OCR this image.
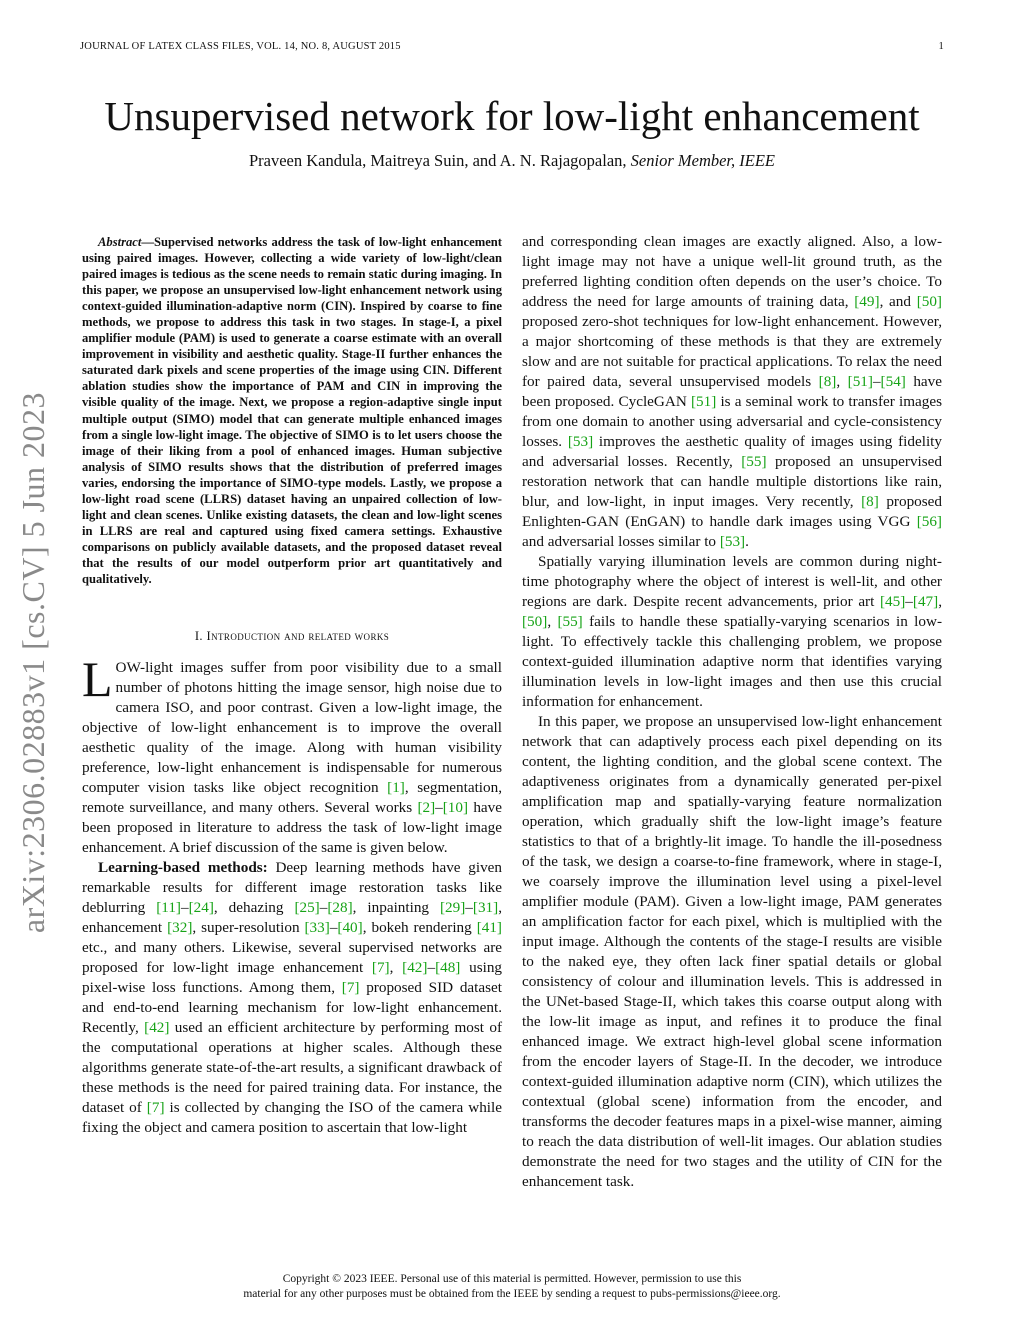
JOURNAL OF LATEX CLASS FILES, VOL. 14, NO. 8, AUGUST 2015	1
Unsupervised network for low-light enhancement
Praveen Kandula, Maitreya Suin, and A. N. Rajagopalan, Senior Member, IEEE
arXiv:2306.02883v1 [cs.CV] 5 Jun 2023

Abstract—Supervised networks address the task of low-light enhancement using paired images. However, collecting a wide variety of low-light/clean paired images is tedious as the scene needs to remain static during imaging. In this paper, we propose an unsupervised low-light enhancement network using context-guided illumination-adaptive norm (CIN). Inspired by coarse to fine methods, we propose to address this task in two stages. In stage-I, a pixel amplifier module (PAM) is used to generate a coarse estimate with an overall improvement in visibility and aesthetic quality. Stage-II further enhances the saturated dark pixels and scene properties of the image using CIN. Different ablation studies show the importance of PAM and CIN in improving the visible quality of the image. Next, we propose a region-adaptive single input multiple output (SIMO) model that can generate multiple enhanced images from a single low-light image. The objective of SIMO is to let users choose the image of their liking from a pool of enhanced images. Human subjective analysis of SIMO results shows that the distribution of preferred images varies, endorsing the importance of SIMO-type models. Lastly, we propose a low-light road scene (LLRS) dataset having an unpaired collection of low-light and clean scenes. Unlike existing datasets, the clean and low-light scenes in LLRS are real and captured using fixed camera settings. Exhaustive comparisons on publicly available datasets, and the proposed dataset reveal that the results of our model outperform prior art quantitatively and qualitatively.

I. Introduction and related works

LOW-light images suffer from poor visibility due to a small number of photons hitting the image sensor, high noise due to camera ISO, and poor contrast. Given a low-light image, the objective of low-light enhancement is to improve the overall aesthetic quality of the image. Along with human visibility preference, low-light enhancement is indispensable for numerous computer vision tasks like object recognition [1], segmentation, remote surveillance, and many others. Several works [2]–[10] have been proposed in literature to address the task of low-light image enhancement. A brief discussion of the same is given below.

Learning-based methods: Deep learning methods have given remarkable results for different image restoration tasks like deblurring [11]–[24], dehazing [25]–[28], inpainting [29]–[31], enhancement [32], super-resolution [33]–[40], bokeh rendering [41] etc., and many others. Likewise, several supervised networks are proposed for low-light image enhancement [7], [42]–[48] using pixel-wise loss functions. Among them, [7] proposed SID dataset and end-to-end learning mechanism for low-light enhancement. Recently, [42] used an efficient architecture by performing most of the computational operations at higher scales. Although these algorithms generate state-of-the-art results, a significant drawback of these methods is the need for paired training data. For instance, the dataset of [7] is collected by changing the ISO of the camera while fixing the object and camera position to ascertain that low-light

and corresponding clean images are exactly aligned. Also, a low-light image may not have a unique well-lit ground truth, as the preferred lighting condition often depends on the user’s choice. To address the need for large amounts of training data, [49], and [50] proposed zero-shot techniques for low-light enhancement. However, a major shortcoming of these methods is that they are extremely slow and are not suitable for practical applications. To relax the need for paired data, several unsupervised models [8], [51]–[54] have been proposed. CycleGAN [51] is a seminal work to transfer images from one domain to another using adversarial and cycle-consistency losses. [53] improves the aesthetic quality of images using fidelity and adversarial losses. Recently, [55] proposed an unsupervised restoration network that can handle multiple distortions like rain, blur, and low-light, in input images. Very recently, [8] proposed Enlighten-GAN (EnGAN) to handle dark images using VGG [56] and adversarial losses similar to [53].

Spatially varying illumination levels are common during night-time photography where the object of interest is well-lit, and other regions are dark. Despite recent advancements, prior art [45]–[47], [50], [55] fails to handle these spatially-varying scenarios in low-light. To effectively tackle this challenging problem, we propose context-guided illumination adaptive norm that identifies varying illumination levels in low-light images and then use this crucial information for enhancement.

In this paper, we propose an unsupervised low-light enhancement network that can adaptively process each pixel depending on its content, the lighting condition, and the global scene context. The adaptiveness originates from a dynamically generated per-pixel amplification map and spatially-varying feature normalization operation, which gradually shift the low-light image’s feature statistics to that of a brightly-lit image. To handle the ill-posedness of the task, we design a coarse-to-fine framework, where in stage-I, we coarsely improve the illumination level using a pixel-level amplifier module (PAM). Given a low-light image, PAM generates an amplification factor for each pixel, which is multiplied with the input image. Although the contents of the stage-I results are visible to the naked eye, they often lack finer spatial details or global consistency of colour and illumination levels. This is addressed in the UNet-based Stage-II, which takes this coarse output along with the low-lit image as input, and refines it to produce the final enhanced image. We extract high-level global scene information from the encoder layers of Stage-II. In the decoder, we introduce context-guided illumination adaptive norm (CIN), which utilizes the contextual (global scene) information from the encoder, and transforms the decoder features maps in a pixel-wise manner, aiming to reach the data distribution of well-lit images. Our ablation studies demonstrate the need for two stages and the utility of CIN for the enhancement task.

Copyright © 2023 IEEE. Personal use of this material is permitted. However, permission to use this
material for any other purposes must be obtained from the IEEE by sending a request to pubs-permissions@ieee.org.
